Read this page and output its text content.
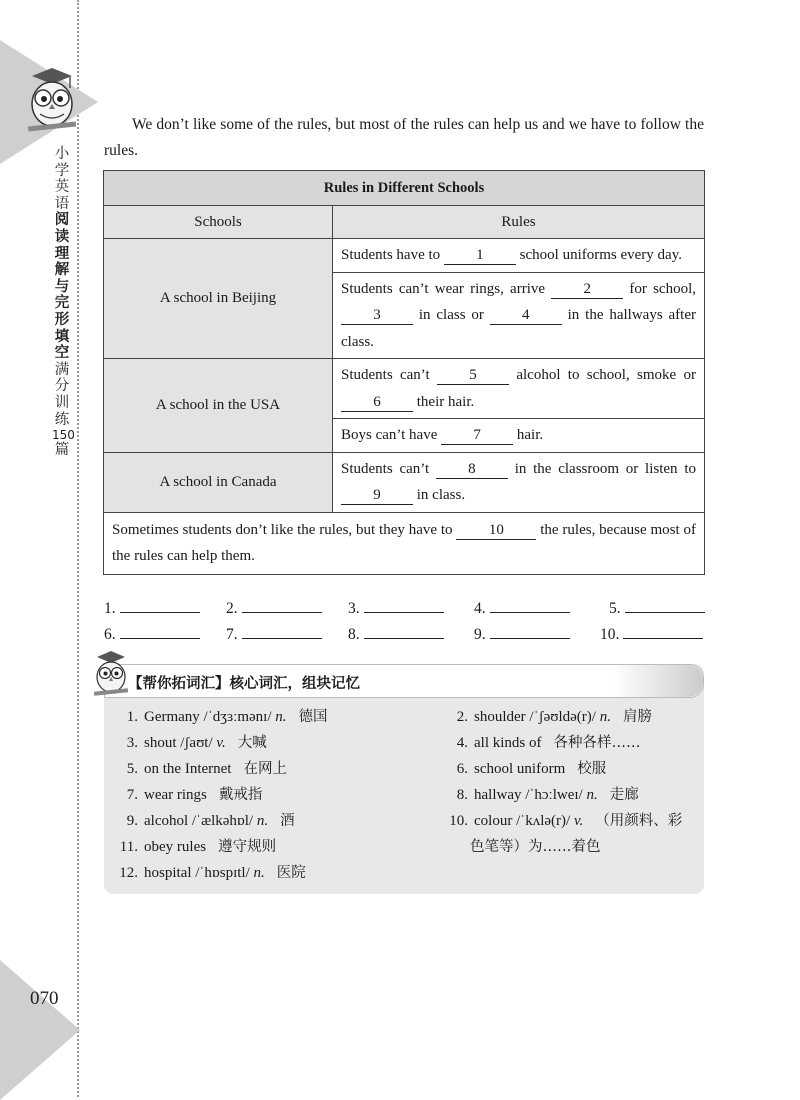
小
学
英
语
阅
读
理
解
与
完
形
填
空
满
分
训
练
150
篇
070
We don’t like some of the rules, but most of the rules can help us and we have to follow the rules.
Rules in Different Schools	
Schools	Rules
A school in Beijing	Students have to 1 school uniforms every day.
	Students can’t wear rings, arrive 2 for school, 3 in class or 4 in the hallways after class.
A school in the USA	Students can’t 5 alcohol to school, smoke or 6 their hair.
	Boys can’t have 7 hair.
A school in Canada	Students can’t 8 in the classroom or listen to 9 in class.
Sometimes students don’t like the rules, but they have to 10 the rules, because most of the rules can help them.	
1.	2.	3.	4.	5.
6.	7.	8.	9.	10.
【帮你拓词汇】核心词汇，组块记忆
1. Germany /ˈdʒɜːmənɪ/ n. 德国	2. shoulder /ˈʃəʊldə(r)/ n. 肩膀
3. shout /ʃaʊt/ v. 大喊	4. all kinds of 各种各样……
5. on the Internet 在网上	6. school uniform 校服
7. wear rings 戴戒指	8. hallway /ˈhɔːlweɪ/ n. 走廊
9. alcohol /ˈælkəhɒl/ n. 酒	10. colour /ˈkʌlə(r)/ v. （用颜料、彩
色笔等）为……着色
11. obey rules 遵守规则
12. hospital /ˈhɒspɪtl/ n. 医院
